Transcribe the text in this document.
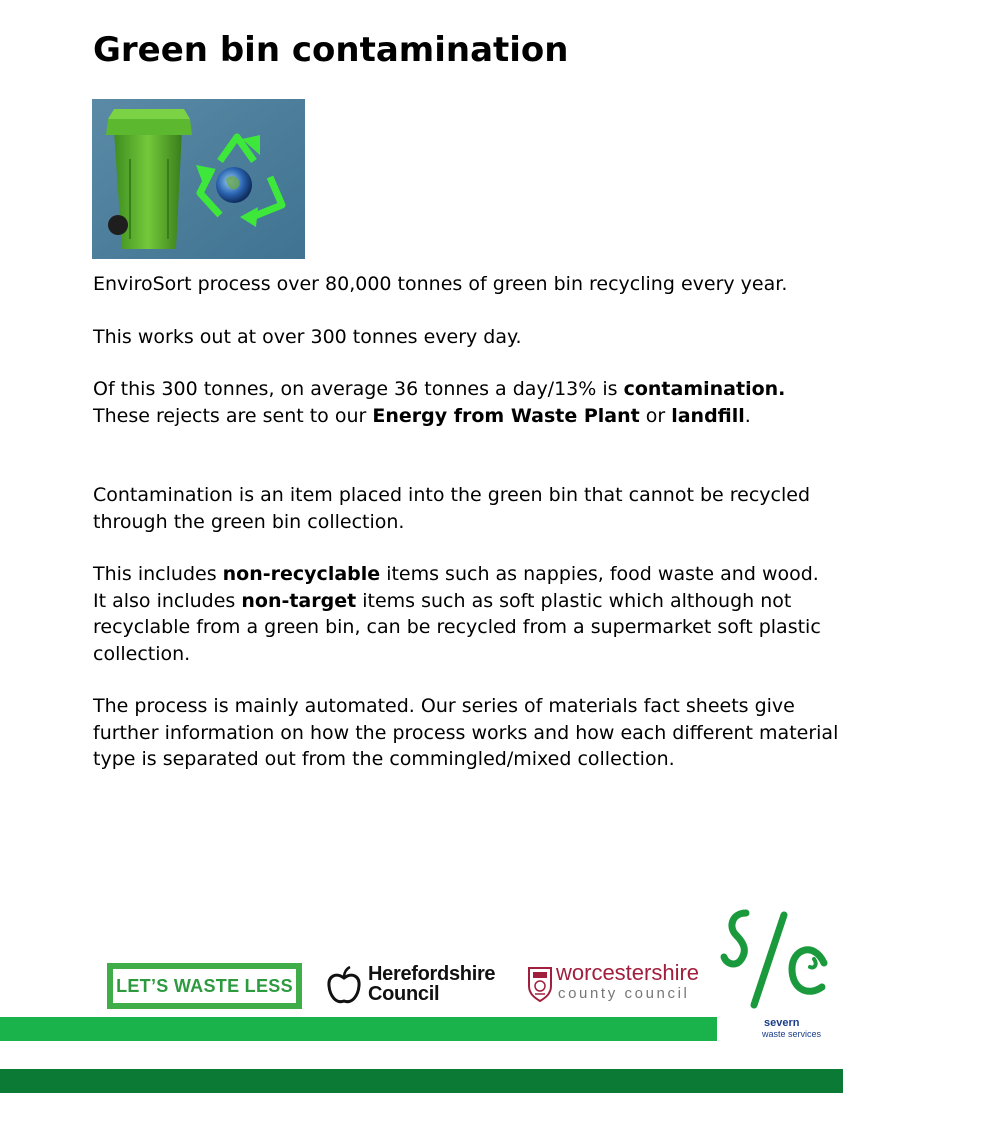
Green bin contamination

EnviroSort process over 80,000 tonnes of green bin recycling every year.

This works out at over 300 tonnes every day.

Of this 300 tonnes, on average 36 tonnes a day/13% is contamination.
These rejects are sent to our Energy from Waste Plant or landfill.

Contamination is an item placed into the green bin that cannot be recycled through the green bin collection.

This includes non-recyclable items such as nappies, food waste and wood.
It also includes non-target items such as soft plastic which although not recyclable from a green bin, can be recycled from a supermarket soft plastic collection.

The process is mainly automated. Our series of materials fact sheets give further information on how the process works and how each different material type is separated out from the commingled/mixed collection.

LET’S WASTE LESS
Herefordshire
Council
worcestershire
county council
severn
waste services
